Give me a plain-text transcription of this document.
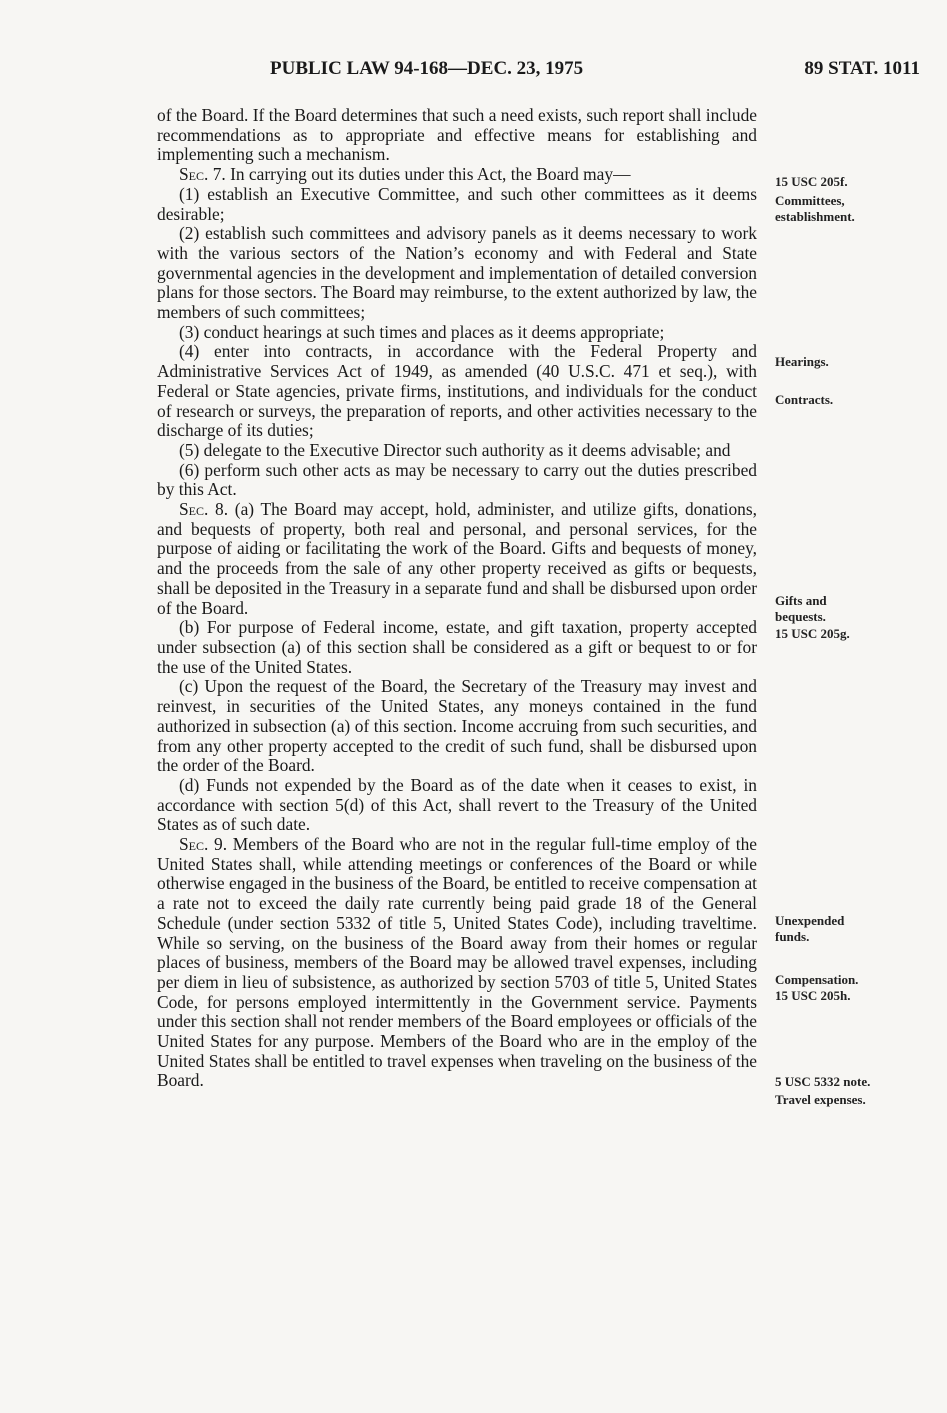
PUBLIC LAW 94-168—DEC. 23, 1975	89 STAT. 1011

of the Board. If the Board determines that such a need exists, such report shall include recommendations as to appropriate and effective means for establishing and implementing such a mechanism.

Sec. 7. In carrying out its duties under this Act, the Board may—

(1) establish an Executive Committee, and such other committees as it deems desirable;

(2) establish such committees and advisory panels as it deems necessary to work with the various sectors of the Nation’s economy and with Federal and State governmental agencies in the development and implementation of detailed conversion plans for those sectors. The Board may reimburse, to the extent authorized by law, the members of such committees;

(3) conduct hearings at such times and places as it deems appropriate;

(4) enter into contracts, in accordance with the Federal Property and Administrative Services Act of 1949, as amended (40 U.S.C. 471 et seq.), with Federal or State agencies, private firms, institutions, and individuals for the conduct of research or surveys, the preparation of reports, and other activities necessary to the discharge of its duties;

(5) delegate to the Executive Director such authority as it deems advisable; and

(6) perform such other acts as may be necessary to carry out the duties prescribed by this Act.

Sec. 8. (a) The Board may accept, hold, administer, and utilize gifts, donations, and bequests of property, both real and personal, and personal services, for the purpose of aiding or facilitating the work of the Board. Gifts and bequests of money, and the proceeds from the sale of any other property received as gifts or bequests, shall be deposited in the Treasury in a separate fund and shall be disbursed upon order of the Board.

(b) For purpose of Federal income, estate, and gift taxation, property accepted under subsection (a) of this section shall be considered as a gift or bequest to or for the use of the United States.

(c) Upon the request of the Board, the Secretary of the Treasury may invest and reinvest, in securities of the United States, any moneys contained in the fund authorized in subsection (a) of this section. Income accruing from such securities, and from any other property accepted to the credit of such fund, shall be disbursed upon the order of the Board.

(d) Funds not expended by the Board as of the date when it ceases to exist, in accordance with section 5(d) of this Act, shall revert to the Treasury of the United States as of such date.

Sec. 9. Members of the Board who are not in the regular full-time employ of the United States shall, while attending meetings or conferences of the Board or while otherwise engaged in the business of the Board, be entitled to receive compensation at a rate not to exceed the daily rate currently being paid grade 18 of the General Schedule (under section 5332 of title 5, United States Code), including traveltime. While so serving, on the business of the Board away from their homes or regular places of business, members of the Board may be allowed travel expenses, including per diem in lieu of subsistence, as authorized by section 5703 of title 5, United States Code, for persons employed intermittently in the Government service. Payments under this section shall not render members of the Board employees or officials of the United States for any purpose. Members of the Board who are in the employ of the United States shall be entitled to travel expenses when traveling on the business of the Board.

15 USC 205f.
Committees,
establishment.
Hearings.
Contracts.
Gifts and
bequests.
15 USC 205g.
Unexpended
funds.
Compensation.
15 USC 205h.
5 USC 5332 note.
Travel expenses.
